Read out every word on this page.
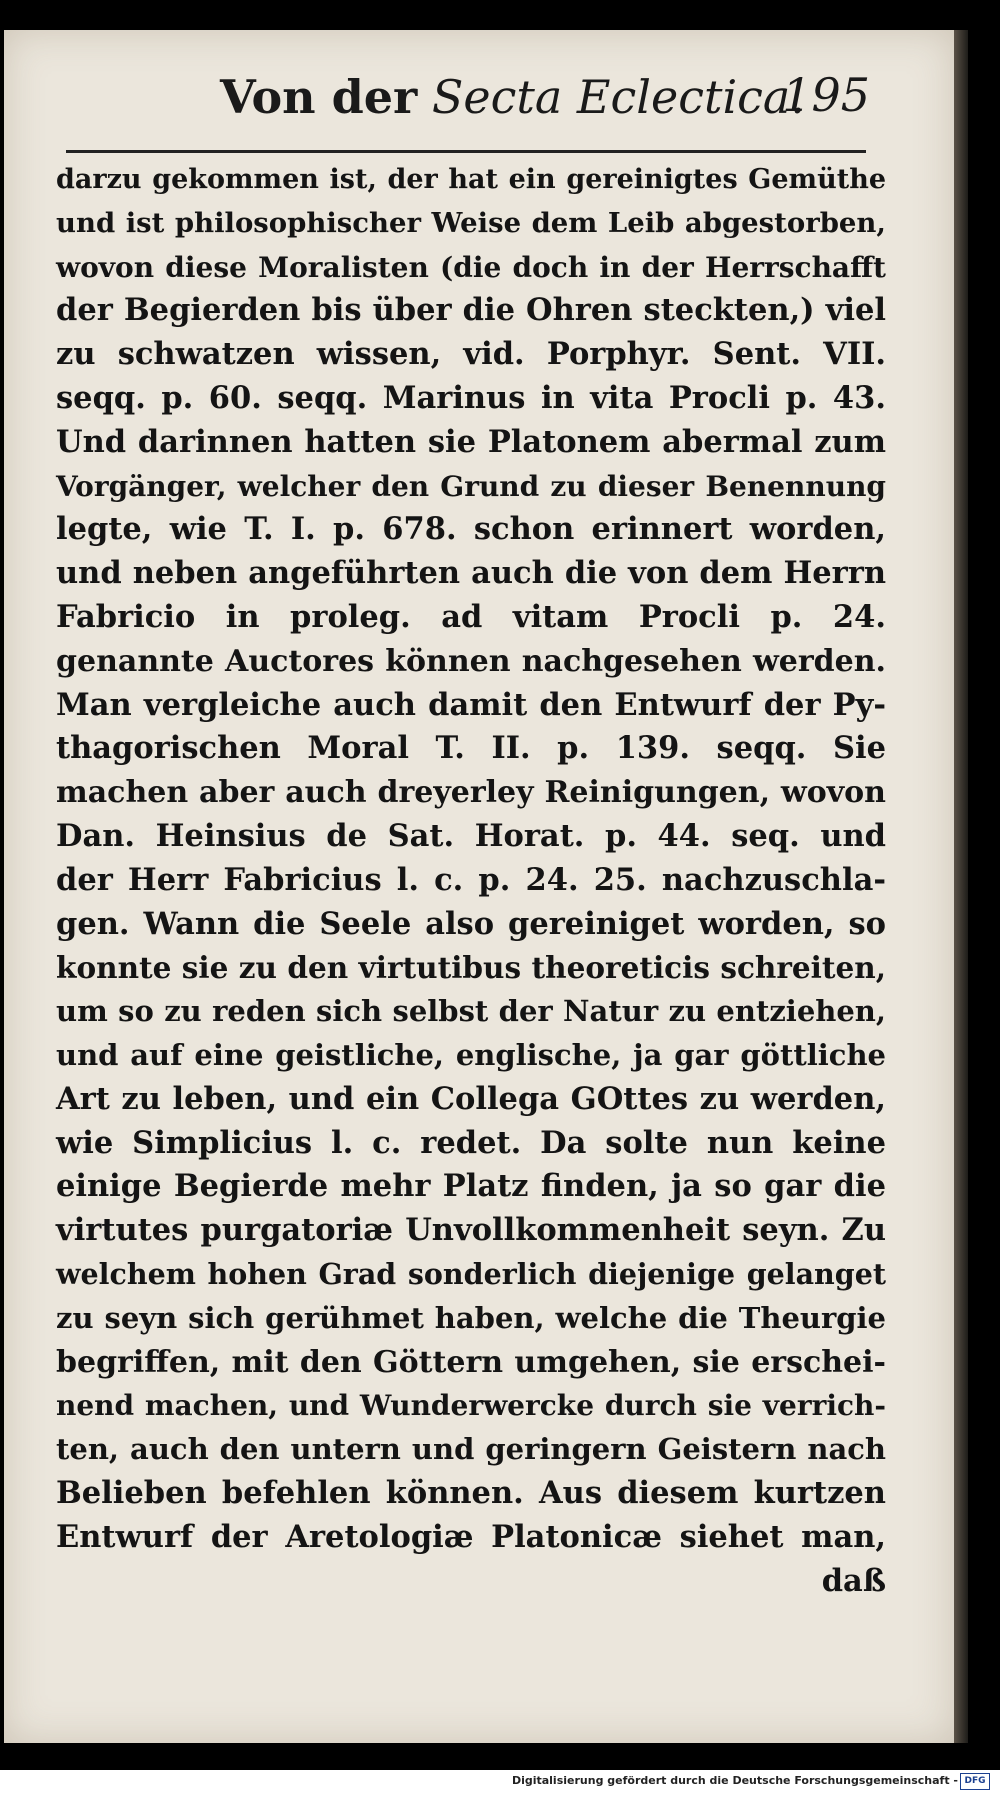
Von der Secta Eclectica.
195
darzu gekommen ist, der hat ein gereinigtes Gemüthe
und ist philosophischer Weise dem Leib abgestorben,
wovon diese Moralisten (die doch in der Herrschafft
der Begierden bis über die Ohren steckten,) viel
zu schwatzen wissen, vid. Porphyr. Sent. VII.
seqq. p. 60. seqq. Marinus in vita Procli p. 43.
Und darinnen hatten sie Platonem abermal zum
Vorgänger, welcher den Grund zu dieser Benennung
legte, wie T. I. p. 678. schon erinnert worden,
und neben angeführten auch die von dem Herrn
Fabricio in proleg. ad vitam Procli p. 24.
genannte Auctores können nachgesehen werden.
Man vergleiche auch damit den Entwurf der Py-
thagorischen Moral T. II. p. 139. seqq. Sie
machen aber auch dreyerley Reinigungen, wovon
Dan. Heinsius de Sat. Horat. p. 44. seq. und
der Herr Fabricius l. c. p. 24. 25. nachzuschla-
gen. Wann die Seele also gereiniget worden, so
konnte sie zu den virtutibus theoreticis schreiten,
um so zu reden sich selbst der Natur zu entziehen,
und auf eine geistliche, englische, ja gar göttliche
Art zu leben, und ein Collega GOttes zu werden,
wie Simplicius l. c. redet. Da solte nun keine
einige Begierde mehr Platz finden, ja so gar die
virtutes purgatoriæ Unvollkommenheit seyn. Zu
welchem hohen Grad sonderlich diejenige gelanget
zu seyn sich gerühmet haben, welche die Theurgie
begriffen, mit den Göttern umgehen, sie erschei-
nend machen, und Wunderwercke durch sie verrich-
ten, auch den untern und geringern Geistern nach
Belieben befehlen können. Aus diesem kurtzen
Entwurf der Aretologiæ Platonicæ siehet man,
daß
Digitalisierung gefördert durch die Deutsche Forschungsgemeinschaft - DFG
